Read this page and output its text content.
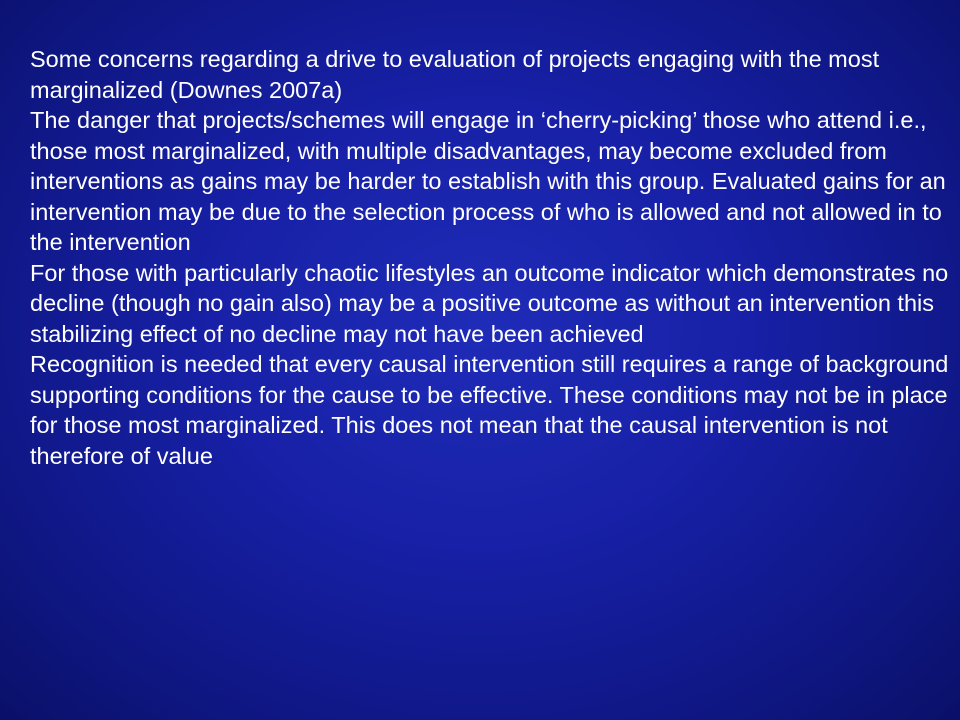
Some concerns regarding a drive to evaluation of projects engaging with the most marginalized (Downes 2007a)

The danger that projects/schemes will engage in ‘cherry-picking’ those who attend i.e., those most marginalized, with multiple disadvantages, may become excluded from interventions as gains may be harder to establish with this group. Evaluated gains for an intervention may be due to the selection process of who is allowed and not allowed in to the intervention

For those with particularly chaotic lifestyles an outcome indicator which demonstrates no decline (though no gain also) may be a positive outcome as without an intervention this stabilizing effect of no decline may not have been achieved

Recognition is needed that every causal intervention still requires a range of background supporting conditions for the cause to be effective. These conditions may not be in place for those most marginalized. This does not mean that the causal intervention is not therefore of value
